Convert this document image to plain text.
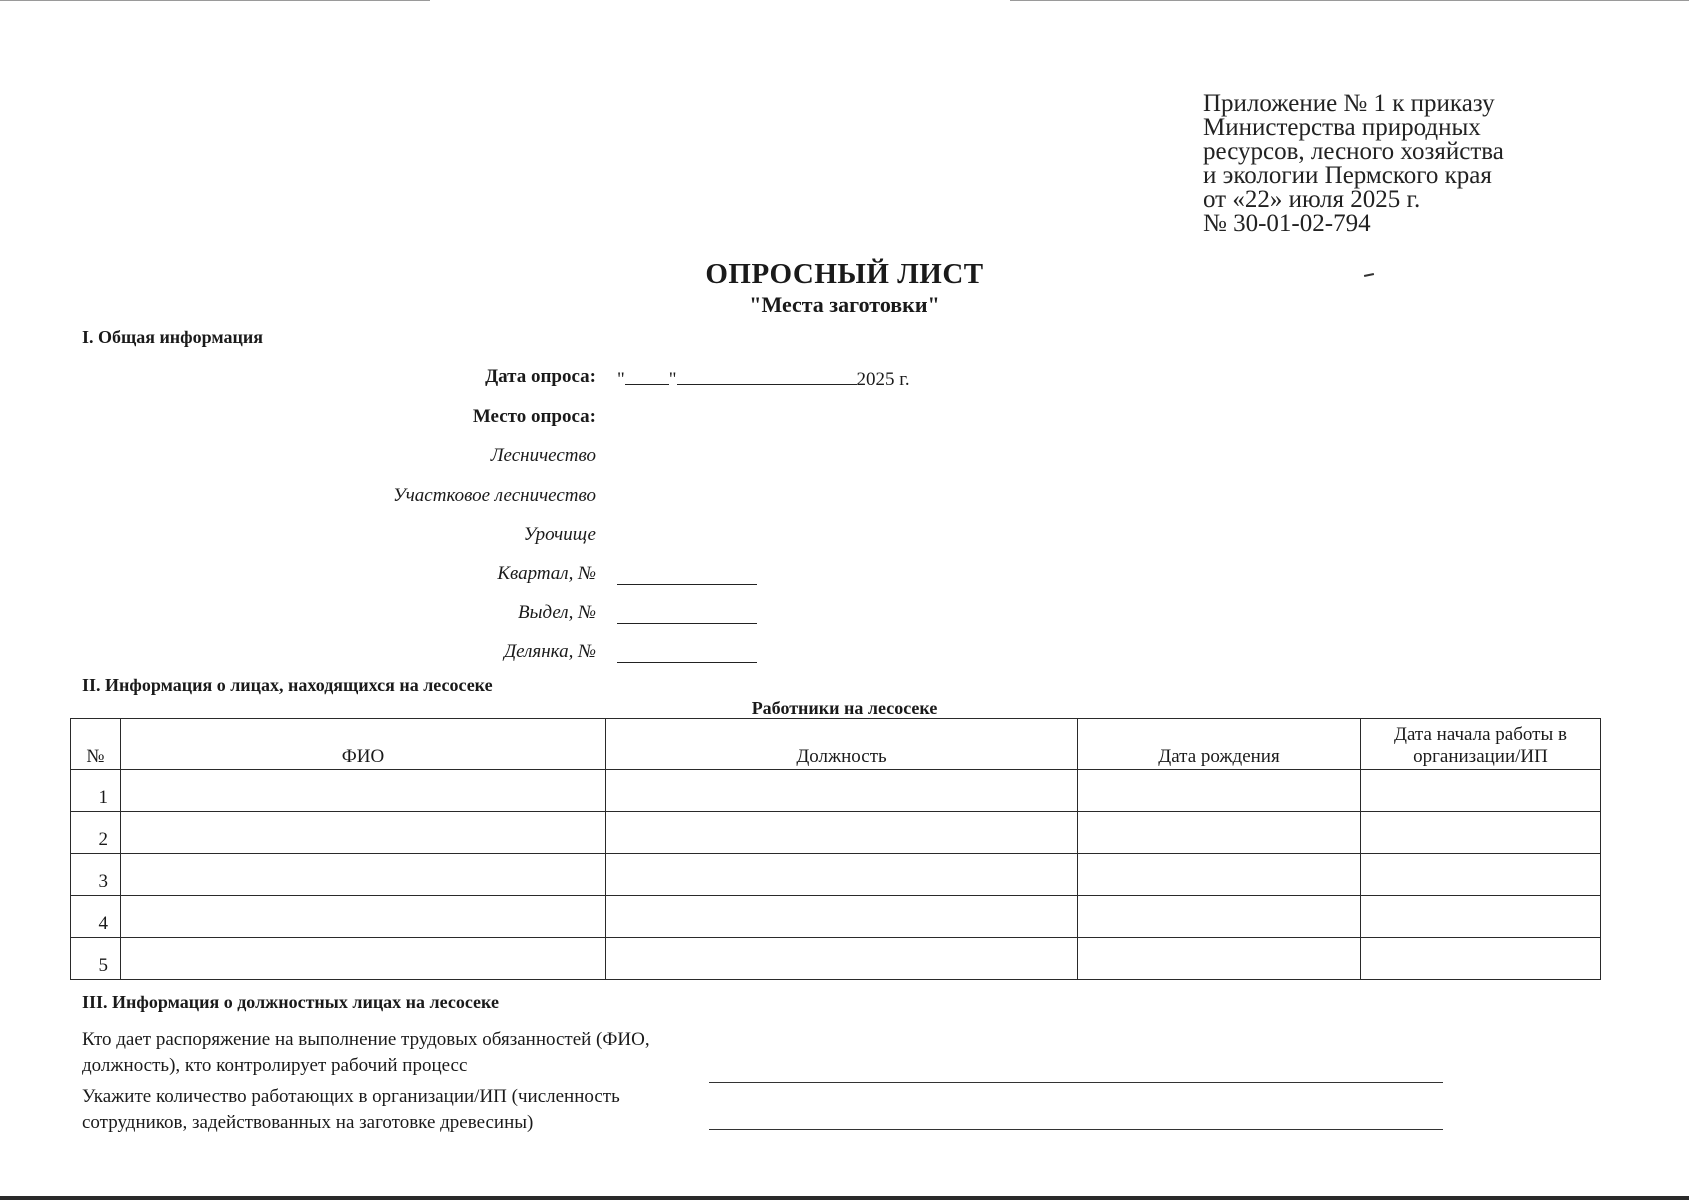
Приложение № 1 к приказу
Министерства природных
ресурсов, лесного хозяйства
и экологии Пермского края
от «22» июля 2025 г.
№ 30-01-02-794
ОПРОСНЫЙ ЛИСТ
"Места заготовки"
I. Общая информация
Дата опроса: " "	2025 г.
Место опроса:
Лесничество
Участковое лесничество
Урочище
Квартал, №
Выдел, №
Делянка, №
II. Информация о лицах, находящихся на лесосеке
Работники на лесосеке
№	ФИО	Должность	Дата рождения	Дата начала работы в организации/ИП
1				
2				
3				
4				
5				
III. Информация о должностных лицах на лесосеке
Кто дает распоряжение на выполнение трудовых обязанностей (ФИО, должность), кто контролирует рабочий процесс
Укажите количество работающих в организации/ИП (численность сотрудников, задействованных на заготовке древесины)
